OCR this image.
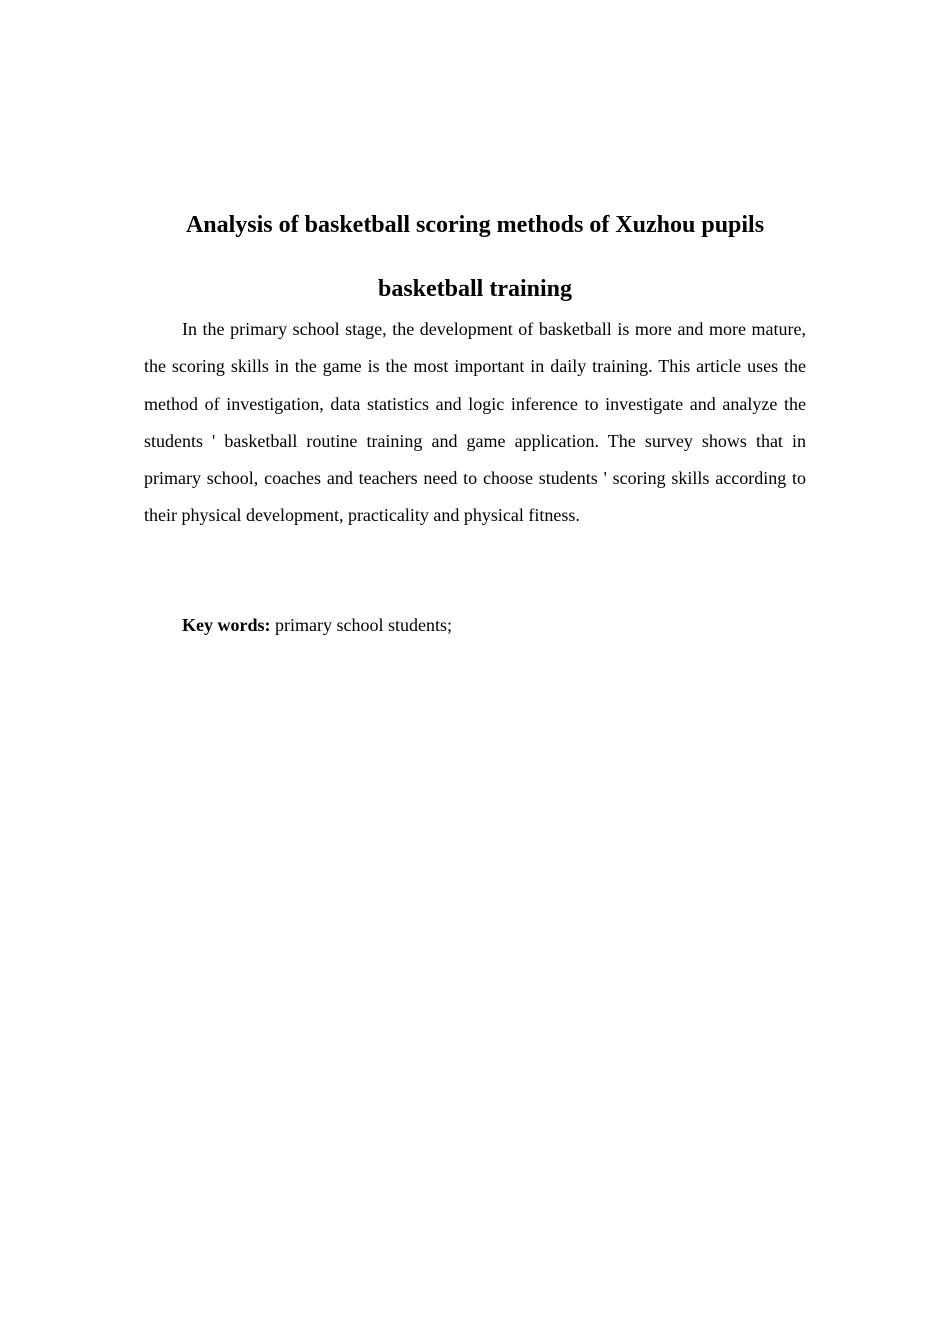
Analysis of basketball scoring methods of Xuzhou pupils
basketball training

In the primary school stage, the development of basketball is more and more mature, the scoring skills in the game is the most important in daily training. This article uses the method of investigation, data statistics and logic inference to investigate and analyze the students ' basketball routine training and game application. The survey shows that in primary school, coaches and teachers need to choose students ' scoring skills according to their physical development, practicality and physical fitness.

Key words: primary school students;
